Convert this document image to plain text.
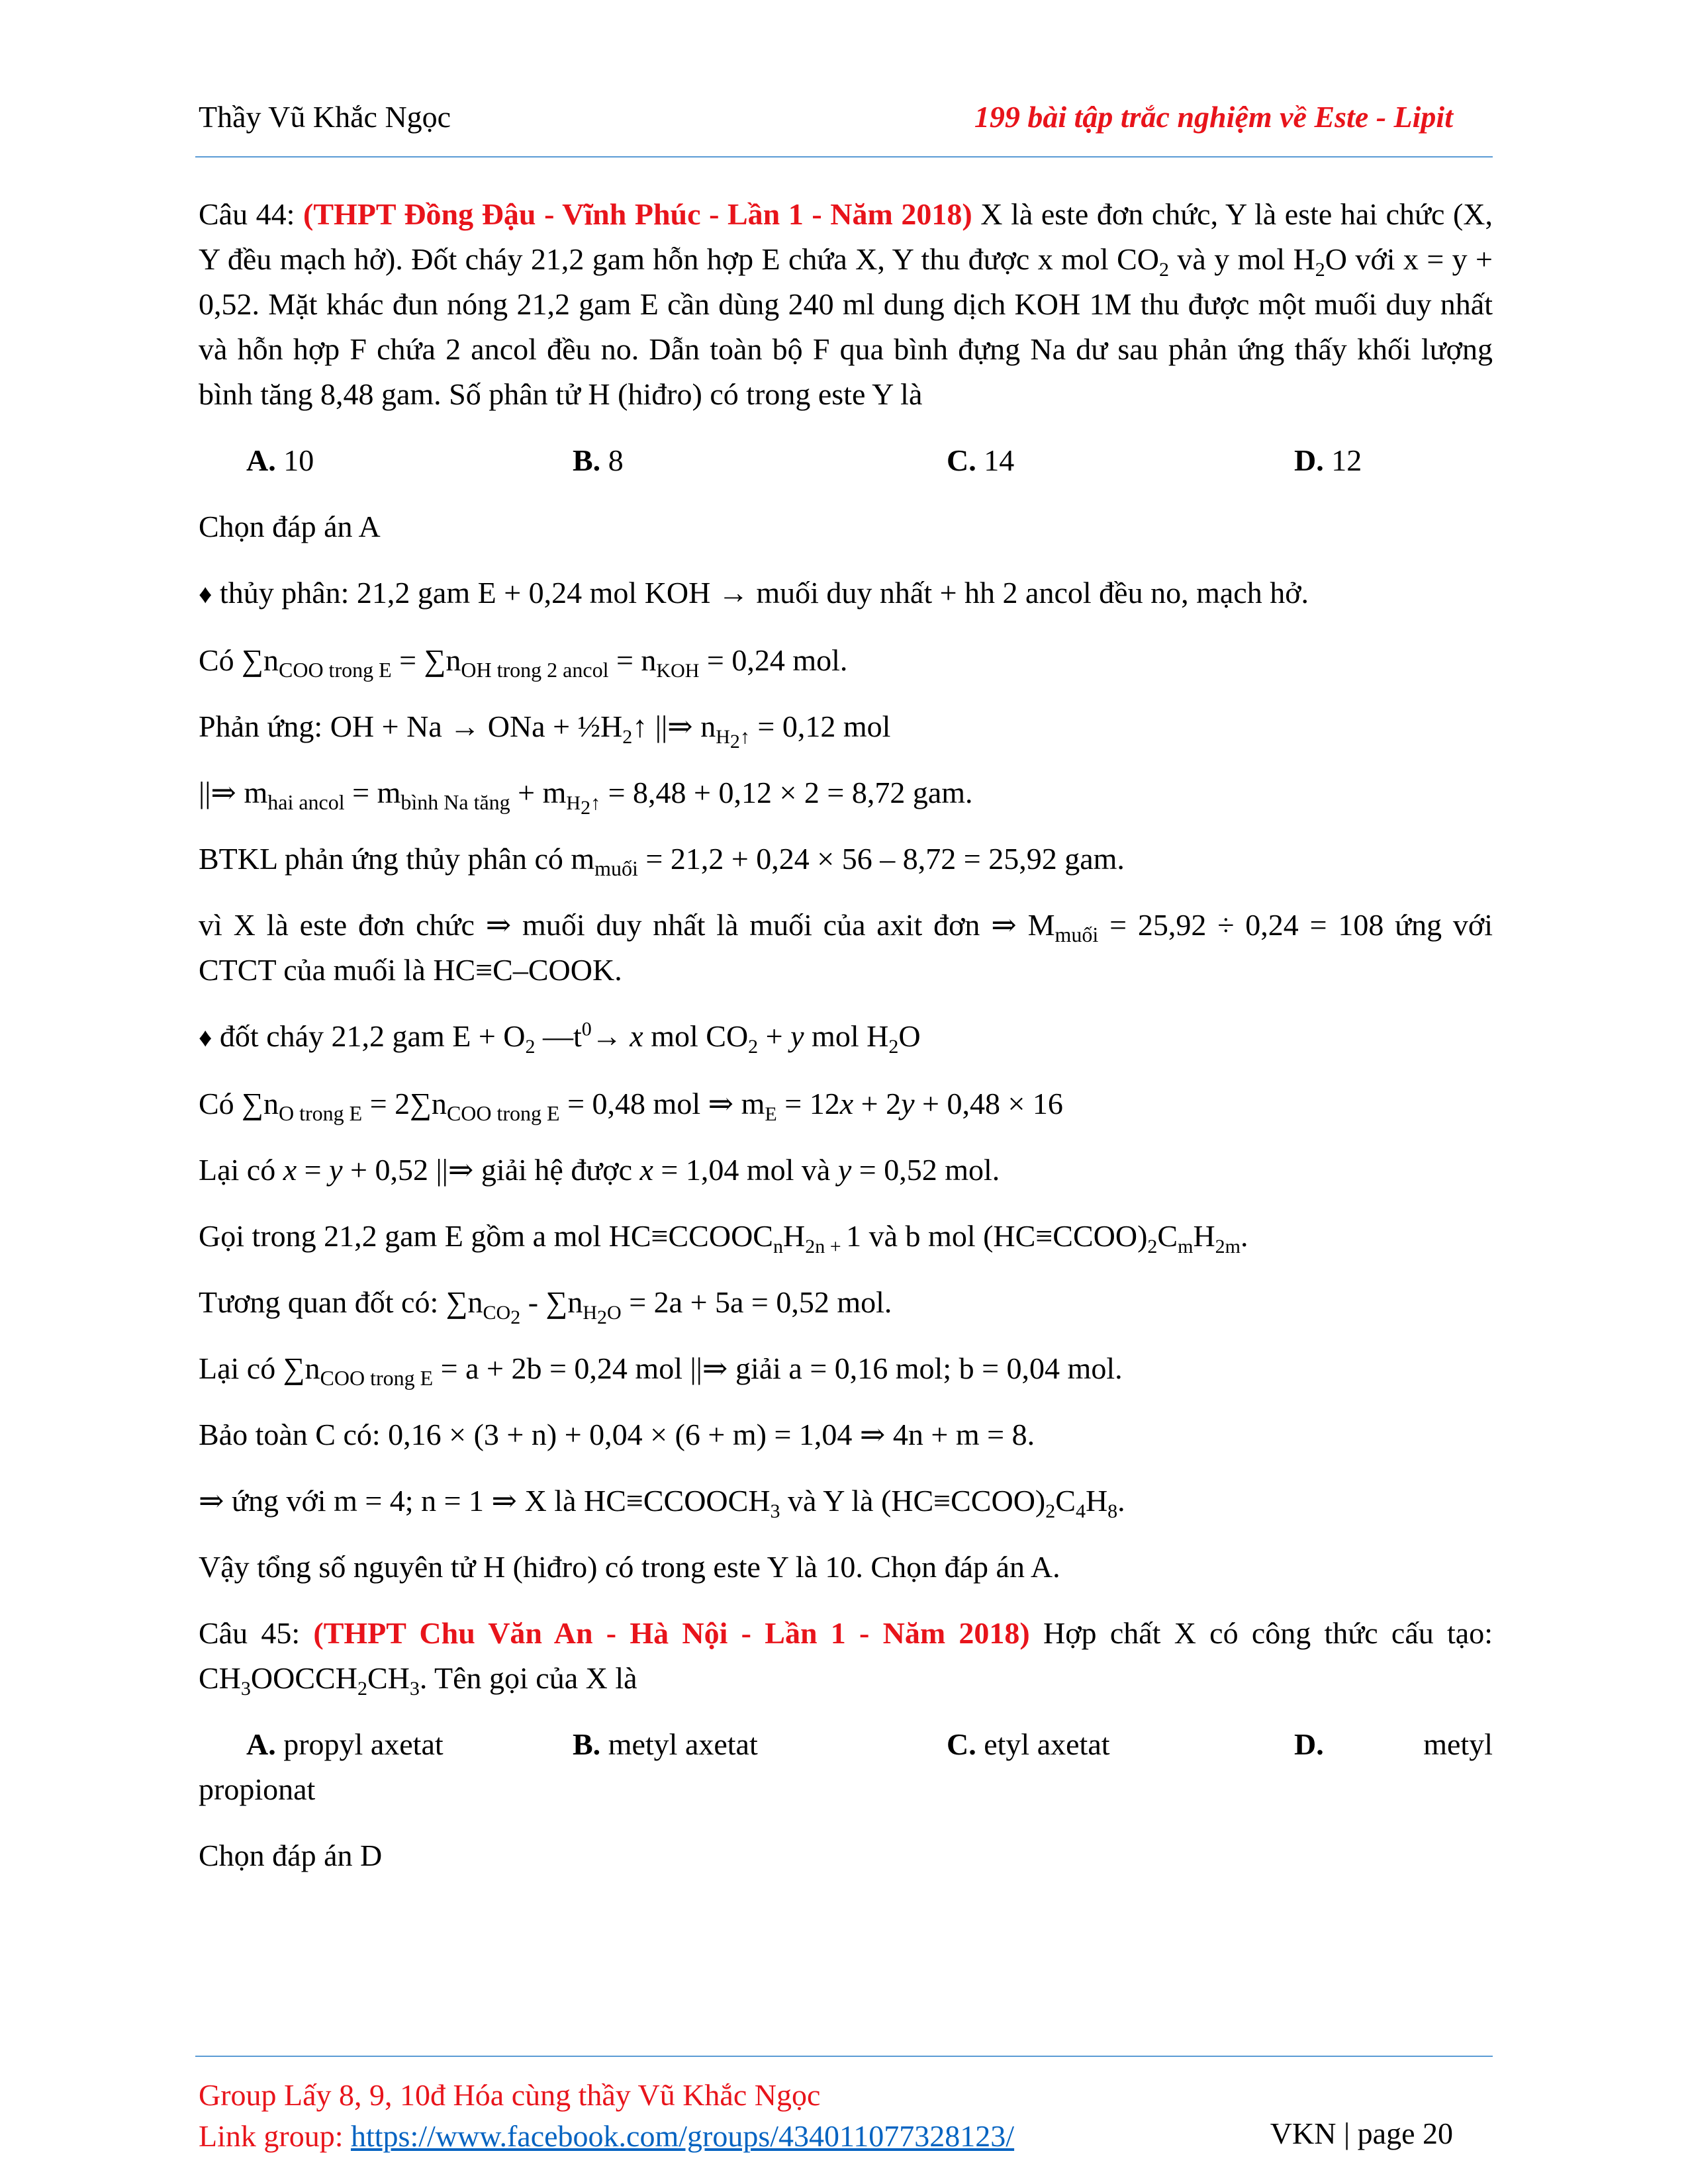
Thầy Vũ Khắc Ngọc	199 bài tập trắc nghiệm về Este - Lipit

Câu 44: (THPT Đồng Đậu - Vĩnh Phúc - Lần 1 - Năm 2018) X là este đơn chức, Y là este hai chức (X, Y đều mạch hở). Đốt cháy 21,2 gam hỗn hợp E chứa X, Y thu được x mol $CO_2$ và y mol $H_2O$ với x = y + 0,52. Mặt khác đun nóng 21,2 gam E cần dùng 240 ml dung dịch KOH 1M thu được một muối duy nhất và hỗn hợp F chứa 2 ancol đều no. Dẫn toàn bộ F qua bình đựng Na dư sau phản ứng thấy khối lượng bình tăng 8,48 gam. Số phân tử H (hiđro) có trong este Y là

A. 10	B. 8	C. 14	D. 12

Chọn đáp án A

♦ thủy phân: 21,2 gam E + 0,24 mol KOH → muối duy nhất + hh 2 ancol đều no, mạch hở.

Có $\sum n_{COO trong E} = \sum n_{OH trong 2 ancol} = n_{KOH} = 0,24$ mol.

Phản ứng: OH + Na → ONa + $\frac{1}{2}H_2↑$ ||⇒ $n_{H_2↑} = 0,12$ mol

||⇒ $m_{hai ancol} = m_{bình Na tăng} + m_{H_2↑} = 8,48 + 0,12 \times 2 = 8,72$ gam.

BTKL phản ứng thủy phân có $m_{muối} = 21,2 + 0,24 \times 56 - 8,72 = 25,92$ gam.

vì X là este đơn chức ⇒ muối duy nhất là muối của axit đơn ⇒ $M_{muối} = 25,92 \div 0,24 = 108$ ứng với CTCT của muối là HC≡C–COOK.

♦ đốt cháy 21,2 gam $E + O_2$ $—t^0\to x$ mol $CO_2 + y$ mol $H_2O$

Có $\sum n_{O trong E} = 2\sum n_{COO trong E} = 0,48$ mol ⇒ $m_E = 12x + 2y + 0,48 \times 16$

Lại có x = y + 0,52 ||⇒ giải hệ được x = 1,04 mol và y = 0,52 mol.

Gọi trong 21,2 gam E gồm a mol $HC\equiv CCOOC_nH_{2n +}$ 1 và b mol $(HC\equiv CCOO)_2C_mH_{2m}$.

Tương quan đốt có: $\sum n_{CO_2} - \sum n_{H_2O} = 2a + 5a = 0,52$ mol.

Lại có $\sum n_{COO trong E} = a + 2b = 0,24$ mol ||⇒ giải a = 0,16 mol; b = 0,04 mol.

Bảo toàn C có: 0,16 × (3 + n) + 0,04 × (6 + m) = 1,04 ⇒ 4n + m = 8.

⇒ ứng với m = 4; n = 1 ⇒ X là $HC\equiv CCOOCH_3$ và Y là $(HC\equiv CCOO)_2C_4H_8$.

Vậy tổng số nguyên tử H (hiđro) có trong este Y là 10. Chọn đáp án A.

Câu 45: (THPT Chu Văn An - Hà Nội - Lần 1 - Năm 2018) Hợp chất X có công thức cấu tạo: $CH_3OOCCH_2CH_3$. Tên gọi của X là

A. propyl axetat	B. metyl axetat	C. etyl axetat	D.	metyl

propionat

Chọn đáp án D

Group Lấy 8, 9, 10đ Hóa cùng thầy Vũ Khắc Ngọc
Link group: https://www.facebook.com/groups/434011077328123/	VKN | page 20
